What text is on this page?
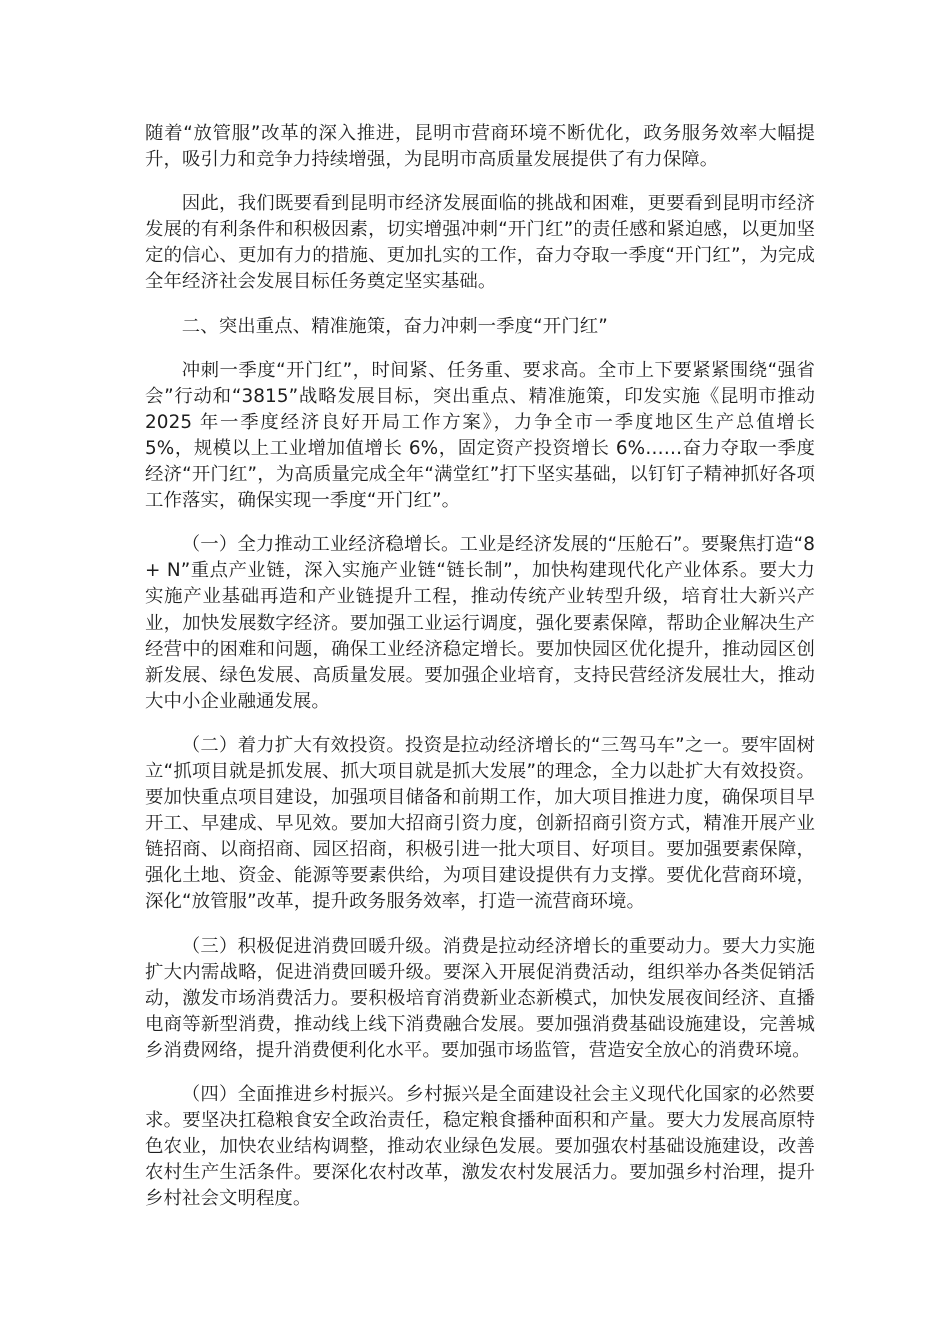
随着“放管服”改革的深入推进，昆明市营商环境不断优化，政务服务效率大幅提升，吸引力和竞争力持续增强，为昆明市高质量发展提供了有力保障。

因此，我们既要看到昆明市经济发展面临的挑战和困难，更要看到昆明市经济发展的有利条件和积极因素，切实增强冲刺“开门红”的责任感和紧迫感，以更加坚定的信心、更加有力的措施、更加扎实的工作，奋力夺取一季度“开门红”，为完成全年经济社会发展目标任务奠定坚实基础。

二、突出重点、精准施策，奋力冲刺一季度“开门红”

冲刺一季度“开门红”，时间紧、任务重、要求高。全市上下要紧紧围绕“强省会”行动和“3815”战略发展目标，突出重点、精准施策，印发实施《昆明市推动 2025 年一季度经济良好开局工作方案》，力争全市一季度地区生产总值增长 5%，规模以上工业增加值增长 6%，固定资产投资增长 6%……奋力夺取一季度经济“开门红”，为高质量完成全年“满堂红”打下坚实基础，以钉钉子精神抓好各项工作落实，确保实现一季度“开门红”。

（一）全力推动工业经济稳增长。工业是经济发展的“压舱石”。要聚焦打造“8 + N”重点产业链，深入实施产业链“链长制”，加快构建现代化产业体系。要大力实施产业基础再造和产业链提升工程，推动传统产业转型升级，培育壮大新兴产业，加快发展数字经济。要加强工业运行调度，强化要素保障，帮助企业解决生产经营中的困难和问题，确保工业经济稳定增长。要加快园区优化提升，推动园区创新发展、绿色发展、高质量发展。要加强企业培育，支持民营经济发展壮大，推动大中小企业融通发展。

（二）着力扩大有效投资。投资是拉动经济增长的“三驾马车”之一。要牢固树立“抓项目就是抓发展、抓大项目就是抓大发展”的理念，全力以赴扩大有效投资。要加快重点项目建设，加强项目储备和前期工作，加大项目推进力度，确保项目早开工、早建成、早见效。要加大招商引资力度，创新招商引资方式，精准开展产业链招商、以商招商、园区招商，积极引进一批大项目、好项目。要加强要素保障，强化土地、资金、能源等要素供给，为项目建设提供有力支撑。要优化营商环境，深化“放管服”改革，提升政务服务效率，打造一流营商环境。

（三）积极促进消费回暖升级。消费是拉动经济增长的重要动力。要大力实施扩大内需战略，促进消费回暖升级。要深入开展促消费活动，组织举办各类促销活动，激发市场消费活力。要积极培育消费新业态新模式，加快发展夜间经济、直播电商等新型消费，推动线上线下消费融合发展。要加强消费基础设施建设，完善城乡消费网络，提升消费便利化水平。要加强市场监管，营造安全放心的消费环境。

（四）全面推进乡村振兴。乡村振兴是全面建设社会主义现代化国家的必然要求。要坚决扛稳粮食安全政治责任，稳定粮食播种面积和产量。要大力发展高原特色农业，加快农业结构调整，推动农业绿色发展。要加强农村基础设施建设，改善农村生产生活条件。要深化农村改革，激发农村发展活力。要加强乡村治理，提升乡村社会文明程度。
